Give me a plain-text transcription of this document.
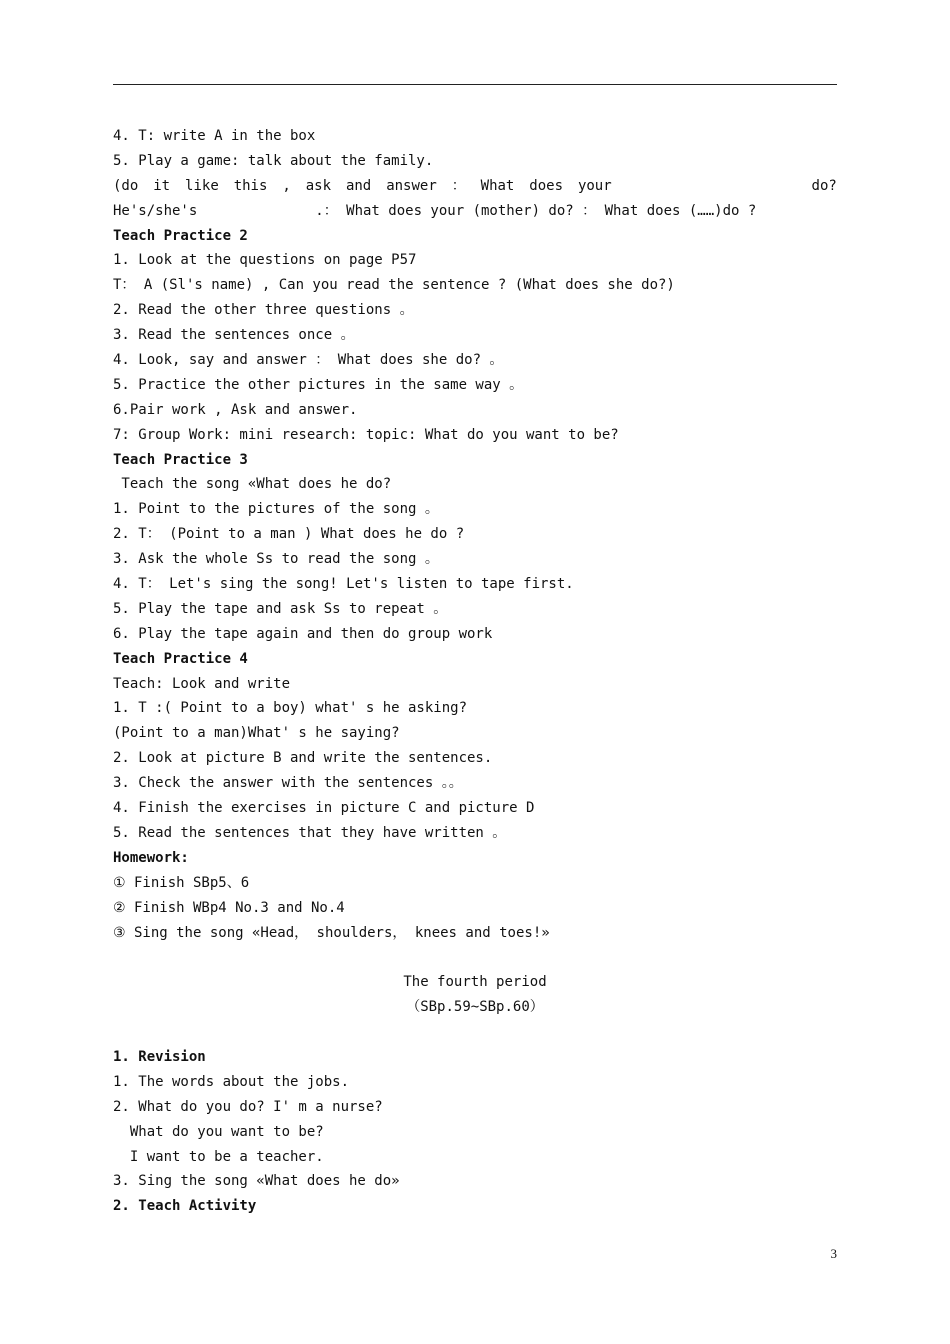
4. T: write A in the box
5. Play a game: talk about the family.
(do it like this , ask and answer ： What does your	do?
He's/she's              .： What does your (mother) do? ： What does (……)do ?
Teach Practice 2
1. Look at the questions on page P57
T： A (Sl's name) , Can you read the sentence ? (What does she do?)
2. Read the other three questions 。
3. Read the sentences once 。
4. Look, say and answer ： What does she do? 。
5. Practice the other pictures in the same way 。
6.Pair work , Ask and answer.
7: Group Work: mini research: topic: What do you want to be?
Teach Practice 3
Teach the song «What does he do?
1. Point to the pictures of the song 。
2. T： (Point to a man ) What does he do ?
3. Ask the whole Ss to read the song 。
4. T： Let's sing the song! Let's listen to tape first.
5. Play the tape and ask Ss to repeat 。
6. Play the tape again and then do group work
Teach Practice 4
Teach: Look and write
1. T :( Point to a boy) what' s he asking?
(Point to a man)What' s he saying?
2. Look at picture B and write the sentences.
3. Check the answer with the sentences 。。
4. Finish the exercises in picture C and picture D
5. Read the sentences that they have written 。
Homework:
① Finish SBp5、6
② Finish WBp4 No.3 and No.4
③ Sing the song «Head， shoulders， knees and toes!»
The fourth period
（SBp.59~SBp.60）
1. Revision
1. The words about the jobs.
2. What do you do? I' m a nurse?
What do you want to be?
I want to be a teacher.
3. Sing the song «What does he do»
2. Teach Activity
3
